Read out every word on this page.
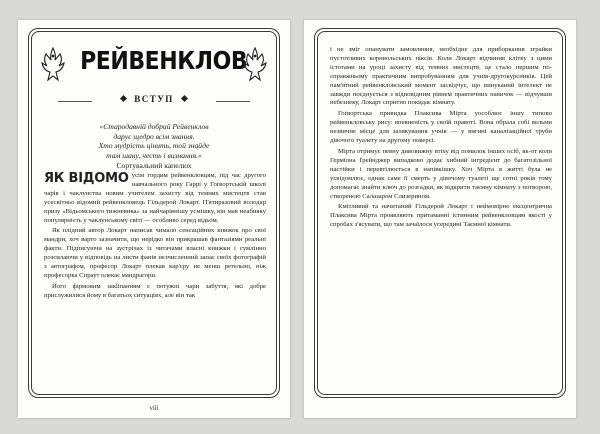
РЕЙВЕНКЛОВ
ВСТУП
«Стародавній добрий Рейвенклов
дарує щедро всім знання.
Хто мудрість цінить, той знайде
там шану, честь і визнання.»
Сортувальний капелюх

ЯК ВІДОМО усім гордим рейвенкловцям, під час другого навчального року Гаррі у Гоґвортській школі чарів і чаклунства новим учителем захисту від темних мистецтв став усесвітньо відомий рейвенкловець Гільдерой Локарт. П'ятиразовий володар призу «Відьомського тижневика» за найчарівнішу усмішку, він мав неабияку популярність у чаклунському світі — особливо серед відьом.

Як плідний автор Локарт написав чимало сенсаційних книжок про свої мандри, хоч варто зазначити, що нерідко він прикрашав фантазіями реальні факти. Підписуючи на зустрічах із читачами власні книжки і сумлінно розсилаючи у відповідь на листи фанів незчисленний запас своїх фотографій з автографом, професор Локарт плекав кар'єру не менш ретельно, ніж професорка Спраут плекає мандрагори.

Його фірмовим закlinанням є потужні чари забуття, які добре прислужилися йому в багатьох ситуаціях, але він так

viii

і не зміг опанувати замовляння, необхідне для приборкання зграйки пустотливих корнвольських піксів. Коли Локарт відчинив клітку з цими істотами на уроці захисту від темних мистецтв, це стало першим по-справжньому практичним випробуванням для учнів-другокурсників. Цей пам'ятний рейвенкловський момент засвідчує, що винуканий інтелект не завжди поєднується з відповідним рівнем практичних навичок — відчувши небезпеку, Локарт спритно покидає кімнату.

Гоґвортська привидка Плаксива Мірта уособлює іншу типово рейвенкловську рису: впевненість у своїй правоті. Вона обрала собі вельми незвичне місце для залякування учнів — у вигині каналізаційної труби дівочого туалету на другому поверсі.

Мірта отримує певну дивовижну втіху від помилок інших осіб, як-от коли Герміона Ґрейнджер випадково додає хибний інгредієнт до багатозільної настійки і перевтілюється в напівкішку. Хоч Мірта в житті була не усвідомлює, однак саме її смерть у дівочому туалеті ще сотні років тому допомагає знайти ключ до розгадки, як відкрити таємну кімнату з потворою, створеною Салазаром Слизерином.

Кмітливий та начитаний Гільдерой Локарт і неймовірно ексцентрична Плаксива Мірта проявляють притаманні істинним рейвенкловцям якості у спробах з'ясувати, що там зачаїлося усередині Таємної кімнати.
